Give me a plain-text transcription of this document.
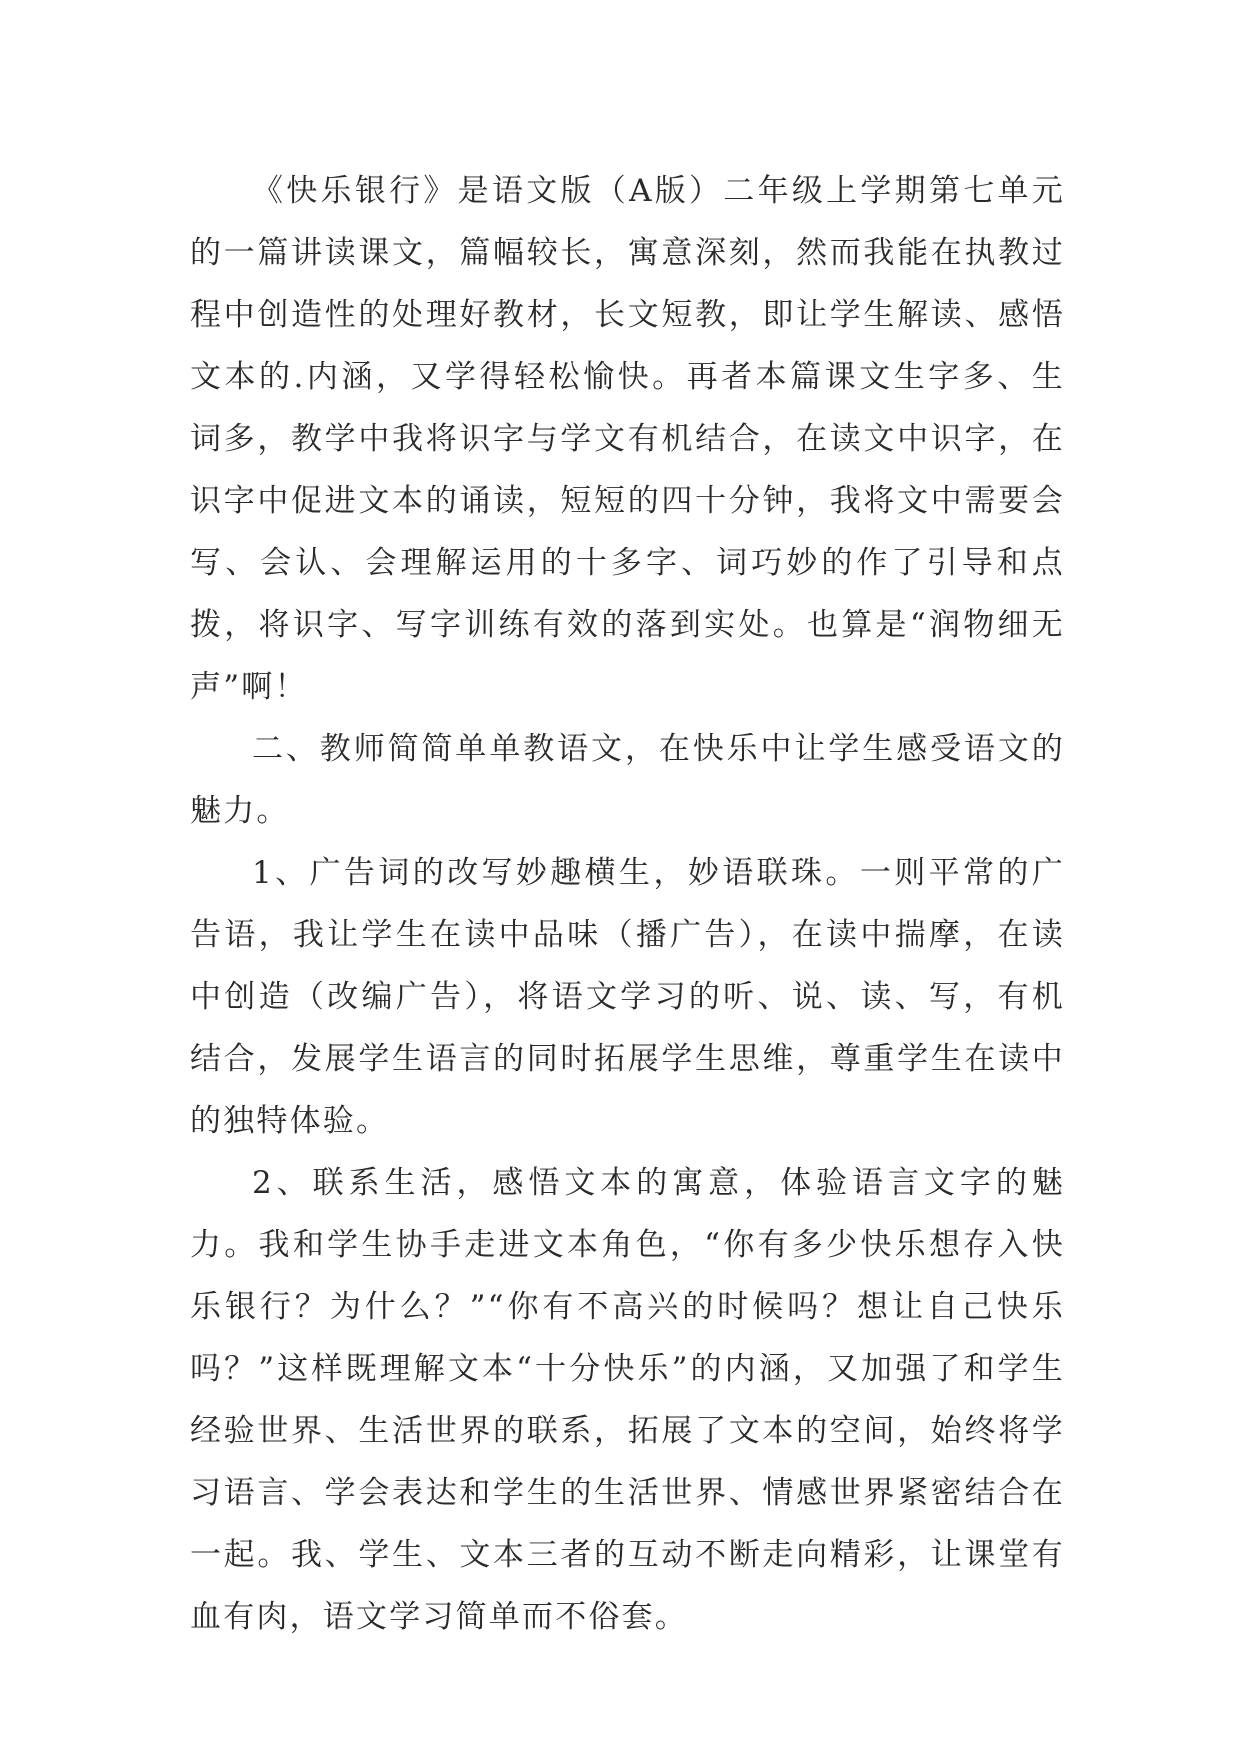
《快乐银行》是语文版（A版）二年级上学期第七单元的一篇讲读课文，篇幅较长，寓意深刻，然而我能在执教过程中创造性的处理好教材，长文短教，即让学生解读、感悟文本的.内涵，又学得轻松愉快。再者本篇课文生字多、生词多，教学中我将识字与学文有机结合，在读文中识字，在识字中促进文本的诵读，短短的四十分钟，我将文中需要会写、会认、会理解运用的十多字、词巧妙的作了引导和点拨，将识字、写字训练有效的落到实处。也算是“润物细无声”啊！

二、教师简简单单教语文，在快乐中让学生感受语文的魅力。

1、广告词的改写妙趣横生，妙语联珠。一则平常的广告语，我让学生在读中品味（播广告），在读中揣摩，在读中创造（改编广告），将语文学习的听、说、读、写，有机结合，发展学生语言的同时拓展学生思维，尊重学生在读中的独特体验。

2、联系生活，感悟文本的寓意，体验语言文字的魅力。我和学生协手走进文本角色，“你有多少快乐想存入快乐银行？为什么？”“你有不高兴的时候吗？想让自己快乐吗？”这样既理解文本“十分快乐”的内涵，又加强了和学生经验世界、生活世界的联系，拓展了文本的空间，始终将学习语言、学会表达和学生的生活世界、情感世界紧密结合在一起。我、学生、文本三者的互动不断走向精彩，让课堂有血有肉，语文学习简单而不俗套。
